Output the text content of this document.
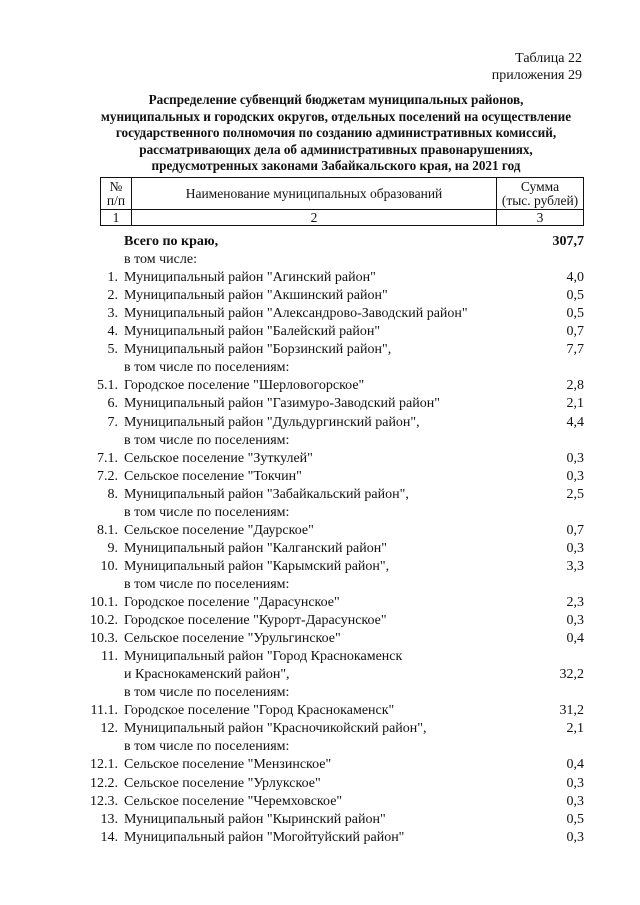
Таблица 22
приложения 29
Распределение субвенций бюджетам муниципальных районов,
муниципальных и городских округов, отдельных поселений на осуществление
государственного полномочия по созданию административных комиссий,
рассматривающих дела об административных правонарушениях,
предусмотренных законами Забайкальского края, на 2021 год
№
п/п	Наименование муниципальных образований	Сумма
(тыс. рублей)
1	2	3
Всего по краю,	307,7
в том числе:
1. Муниципальный район "Агинский район"	4,0
2. Муниципальный район "Акшинский район"	0,5
3. Муниципальный район "Александрово-Заводский район"	0,5
4. Муниципальный район "Балейский район"	0,7
5. Муниципальный район "Борзинский район",	7,7
в том числе по поселениям:
5.1. Городское поселение "Шерловогорское"	2,8
6. Муниципальный район "Газимуро-Заводский район"	2,1
7. Муниципальный район "Дульдургинский район",	4,4
в том числе по поселениям:
7.1. Сельское поселение "Зуткулей"	0,3
7.2. Сельское поселение "Токчин"	0,3
8. Муниципальный район "Забайкальский район",	2,5
в том числе по поселениям:
8.1. Сельское поселение "Даурское"	0,7
9. Муниципальный район "Калганский район"	0,3
10. Муниципальный район "Карымский район",	3,3
в том числе по поселениям:
10.1. Городское поселение "Дарасунское"	2,3
10.2. Городское поселение "Курорт-Дарасунское"	0,3
10.3. Сельское поселение "Урульгинское"	0,4
11. Муниципальный район "Город Краснокаменск
и Краснокаменский район",	32,2
в том числе по поселениям:
11.1. Городское поселение "Город Краснокаменск"	31,2
12. Муниципальный район "Красночикойский район",	2,1
в том числе по поселениям:
12.1. Сельское поселение "Мензинское"	0,4
12.2. Сельское поселение "Урлукское"	0,3
12.3. Сельское поселение "Черемховское"	0,3
13. Муниципальный район "Кыринский район"	0,5
14. Муниципальный район "Могойтуйский район"	0,3
